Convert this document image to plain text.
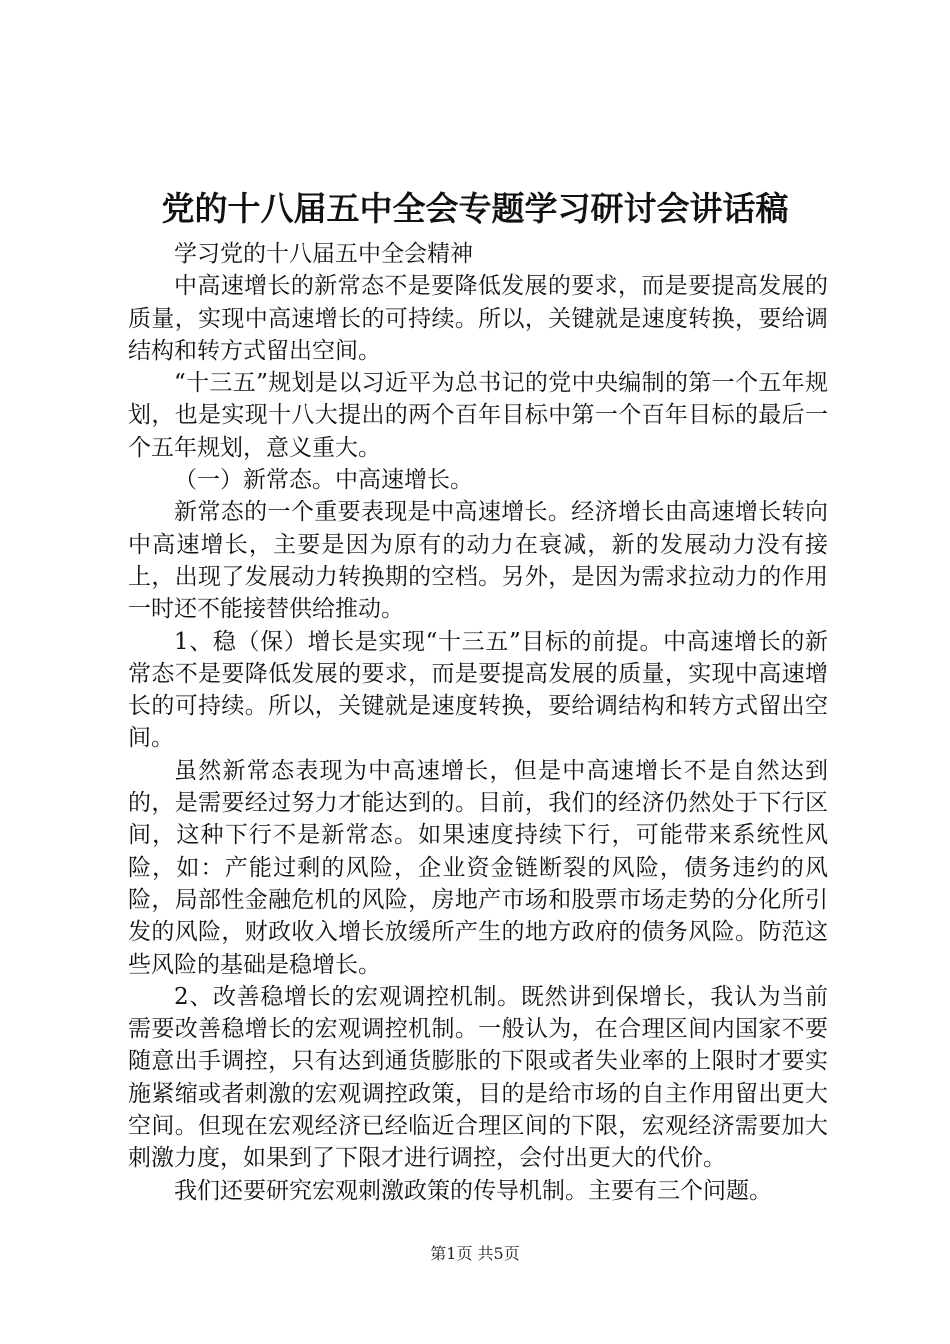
党的十八届五中全会专题学习研讨会讲话稿

学习党的十八届五中全会精神

中高速增长的新常态不是要降低发展的要求，而是要提高发展的质量，实现中高速增长的可持续。所以，关键就是速度转换，要给调结构和转方式留出空间。

“十三五”规划是以习近平为总书记的党中央编制的第一个五年规划，也是实现十八大提出的两个百年目标中第一个百年目标的最后一个五年规划，意义重大。

（一）新常态。中高速增长。

新常态的一个重要表现是中高速增长。经济增长由高速增长转向中高速增长，主要是因为原有的动力在衰减，新的发展动力没有接上，出现了发展动力转换期的空档。另外，是因为需求拉动力的作用一时还不能接替供给推动。

1、稳（保）增长是实现“十三五”目标的前提。中高速增长的新常态不是要降低发展的要求，而是要提高发展的质量，实现中高速增长的可持续。所以，关键就是速度转换，要给调结构和转方式留出空间。

虽然新常态表现为中高速增长，但是中高速增长不是自然达到的，是需要经过努力才能达到的。目前，我们的经济仍然处于下行区间，这种下行不是新常态。如果速度持续下行，可能带来系统性风险，如：产能过剩的风险，企业资金链断裂的风险，债务违约的风险，局部性金融危机的风险，房地产市场和股票市场走势的分化所引发的风险，财政收入增长放缓所产生的地方政府的债务风险。防范这些风险的基础是稳增长。

2、改善稳增长的宏观调控机制。既然讲到保增长，我认为当前需要改善稳增长的宏观调控机制。一般认为，在合理区间内国家不要随意出手调控，只有达到通货膨胀的下限或者失业率的上限时才要实施紧缩或者刺激的宏观调控政策，目的是给市场的自主作用留出更大空间。但现在宏观经济已经临近合理区间的下限，宏观经济需要加大刺激力度，如果到了下限才进行调控，会付出更大的代价。

我们还要研究宏观刺激政策的传导机制。主要有三个问题。

第1页 共5页
